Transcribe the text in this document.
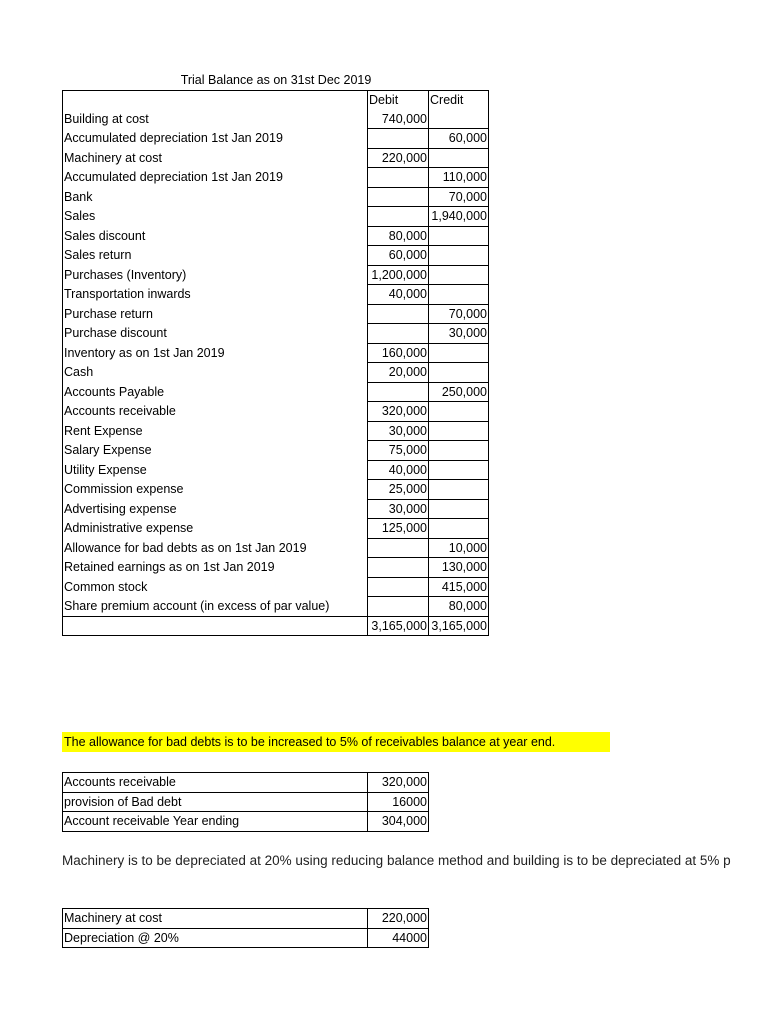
Trial Balance as on 31st Dec 2019
	Debit	Credit
Building at cost	740,000	
Accumulated depreciation 1st Jan 2019		60,000
Machinery at cost	220,000	
Accumulated depreciation 1st Jan 2019		110,000
Bank		70,000
Sales		1,940,000
Sales discount	80,000	
Sales return	60,000	
Purchases (Inventory)	1,200,000	
Transportation inwards	40,000	
Purchase return		70,000
Purchase discount		30,000
Inventory as on 1st Jan 2019	160,000	
Cash	20,000	
Accounts Payable		250,000
Accounts receivable	320,000	
Rent Expense	30,000	
Salary Expense	75,000	
Utility Expense	40,000	
Commission expense	25,000	
Advertising expense	30,000	
Administrative expense	125,000	
Allowance for bad debts as on 1st Jan 2019		10,000
Retained earnings as on 1st Jan 2019		130,000
Common stock		415,000
Share premium account (in excess of par value)		80,000
	3,165,000	3,165,000
The allowance for bad debts is to be increased to 5% of receivables balance at year end.
Accounts receivable	320,000
provision of Bad debt	16000
Account receivable Year ending	304,000
Machinery is to be depreciated at 20% using reducing balance method and building is to be depreciated at 5% p
Machinery at cost	220,000
Depreciation @ 20%	44000
